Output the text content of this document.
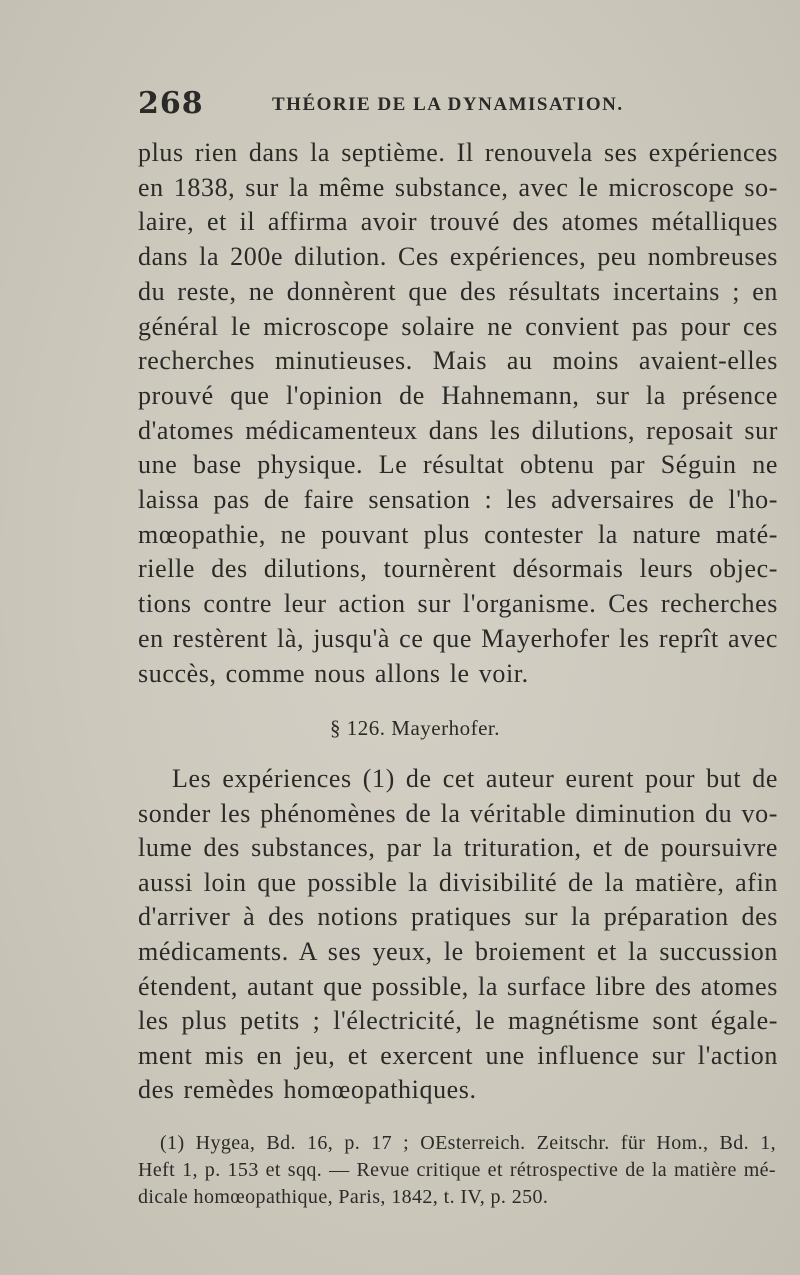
268	THÉORIE DE LA DYNAMISATION.
plus rien dans la septième. Il renouvela ses expériences
en 1838, sur la même substance, avec le microscope so-
laire, et il affirma avoir trouvé des atomes métalliques
dans la 200e dilution. Ces expériences, peu nombreuses
du reste, ne donnèrent que des résultats incertains ; en
général le microscope solaire ne convient pas pour ces
recherches minutieuses. Mais au moins avaient-elles
prouvé que l'opinion de Hahnemann, sur la présence
d'atomes médicamenteux dans les dilutions, reposait sur
une base physique. Le résultat obtenu par Séguin ne
laissa pas de faire sensation : les adversaires de l'ho-
mœopathie, ne pouvant plus contester la nature maté-
rielle des dilutions, tournèrent désormais leurs objec-
tions contre leur action sur l'organisme. Ces recherches
en restèrent là, jusqu'à ce que Mayerhofer les reprît avec
succès, comme nous allons le voir.
§ 126. Mayerhofer.
Les expériences (1) de cet auteur eurent pour but de
sonder les phénomènes de la véritable diminution du vo-
lume des substances, par la trituration, et de poursuivre
aussi loin que possible la divisibilité de la matière, afin
d'arriver à des notions pratiques sur la préparation des
médicaments. A ses yeux, le broiement et la succussion
étendent, autant que possible, la surface libre des atomes
les plus petits ; l'électricité, le magnétisme sont égale-
ment mis en jeu, et exercent une influence sur l'action
des remèdes homœopathiques.
(1) Hygea, Bd. 16, p. 17 ; OEsterreich. Zeitschr. für Hom., Bd. 1,
Heft 1, p. 153 et sqq. — Revue critique et rétrospective de la matière mé-
dicale homœopathique, Paris, 1842, t. IV, p. 250.
